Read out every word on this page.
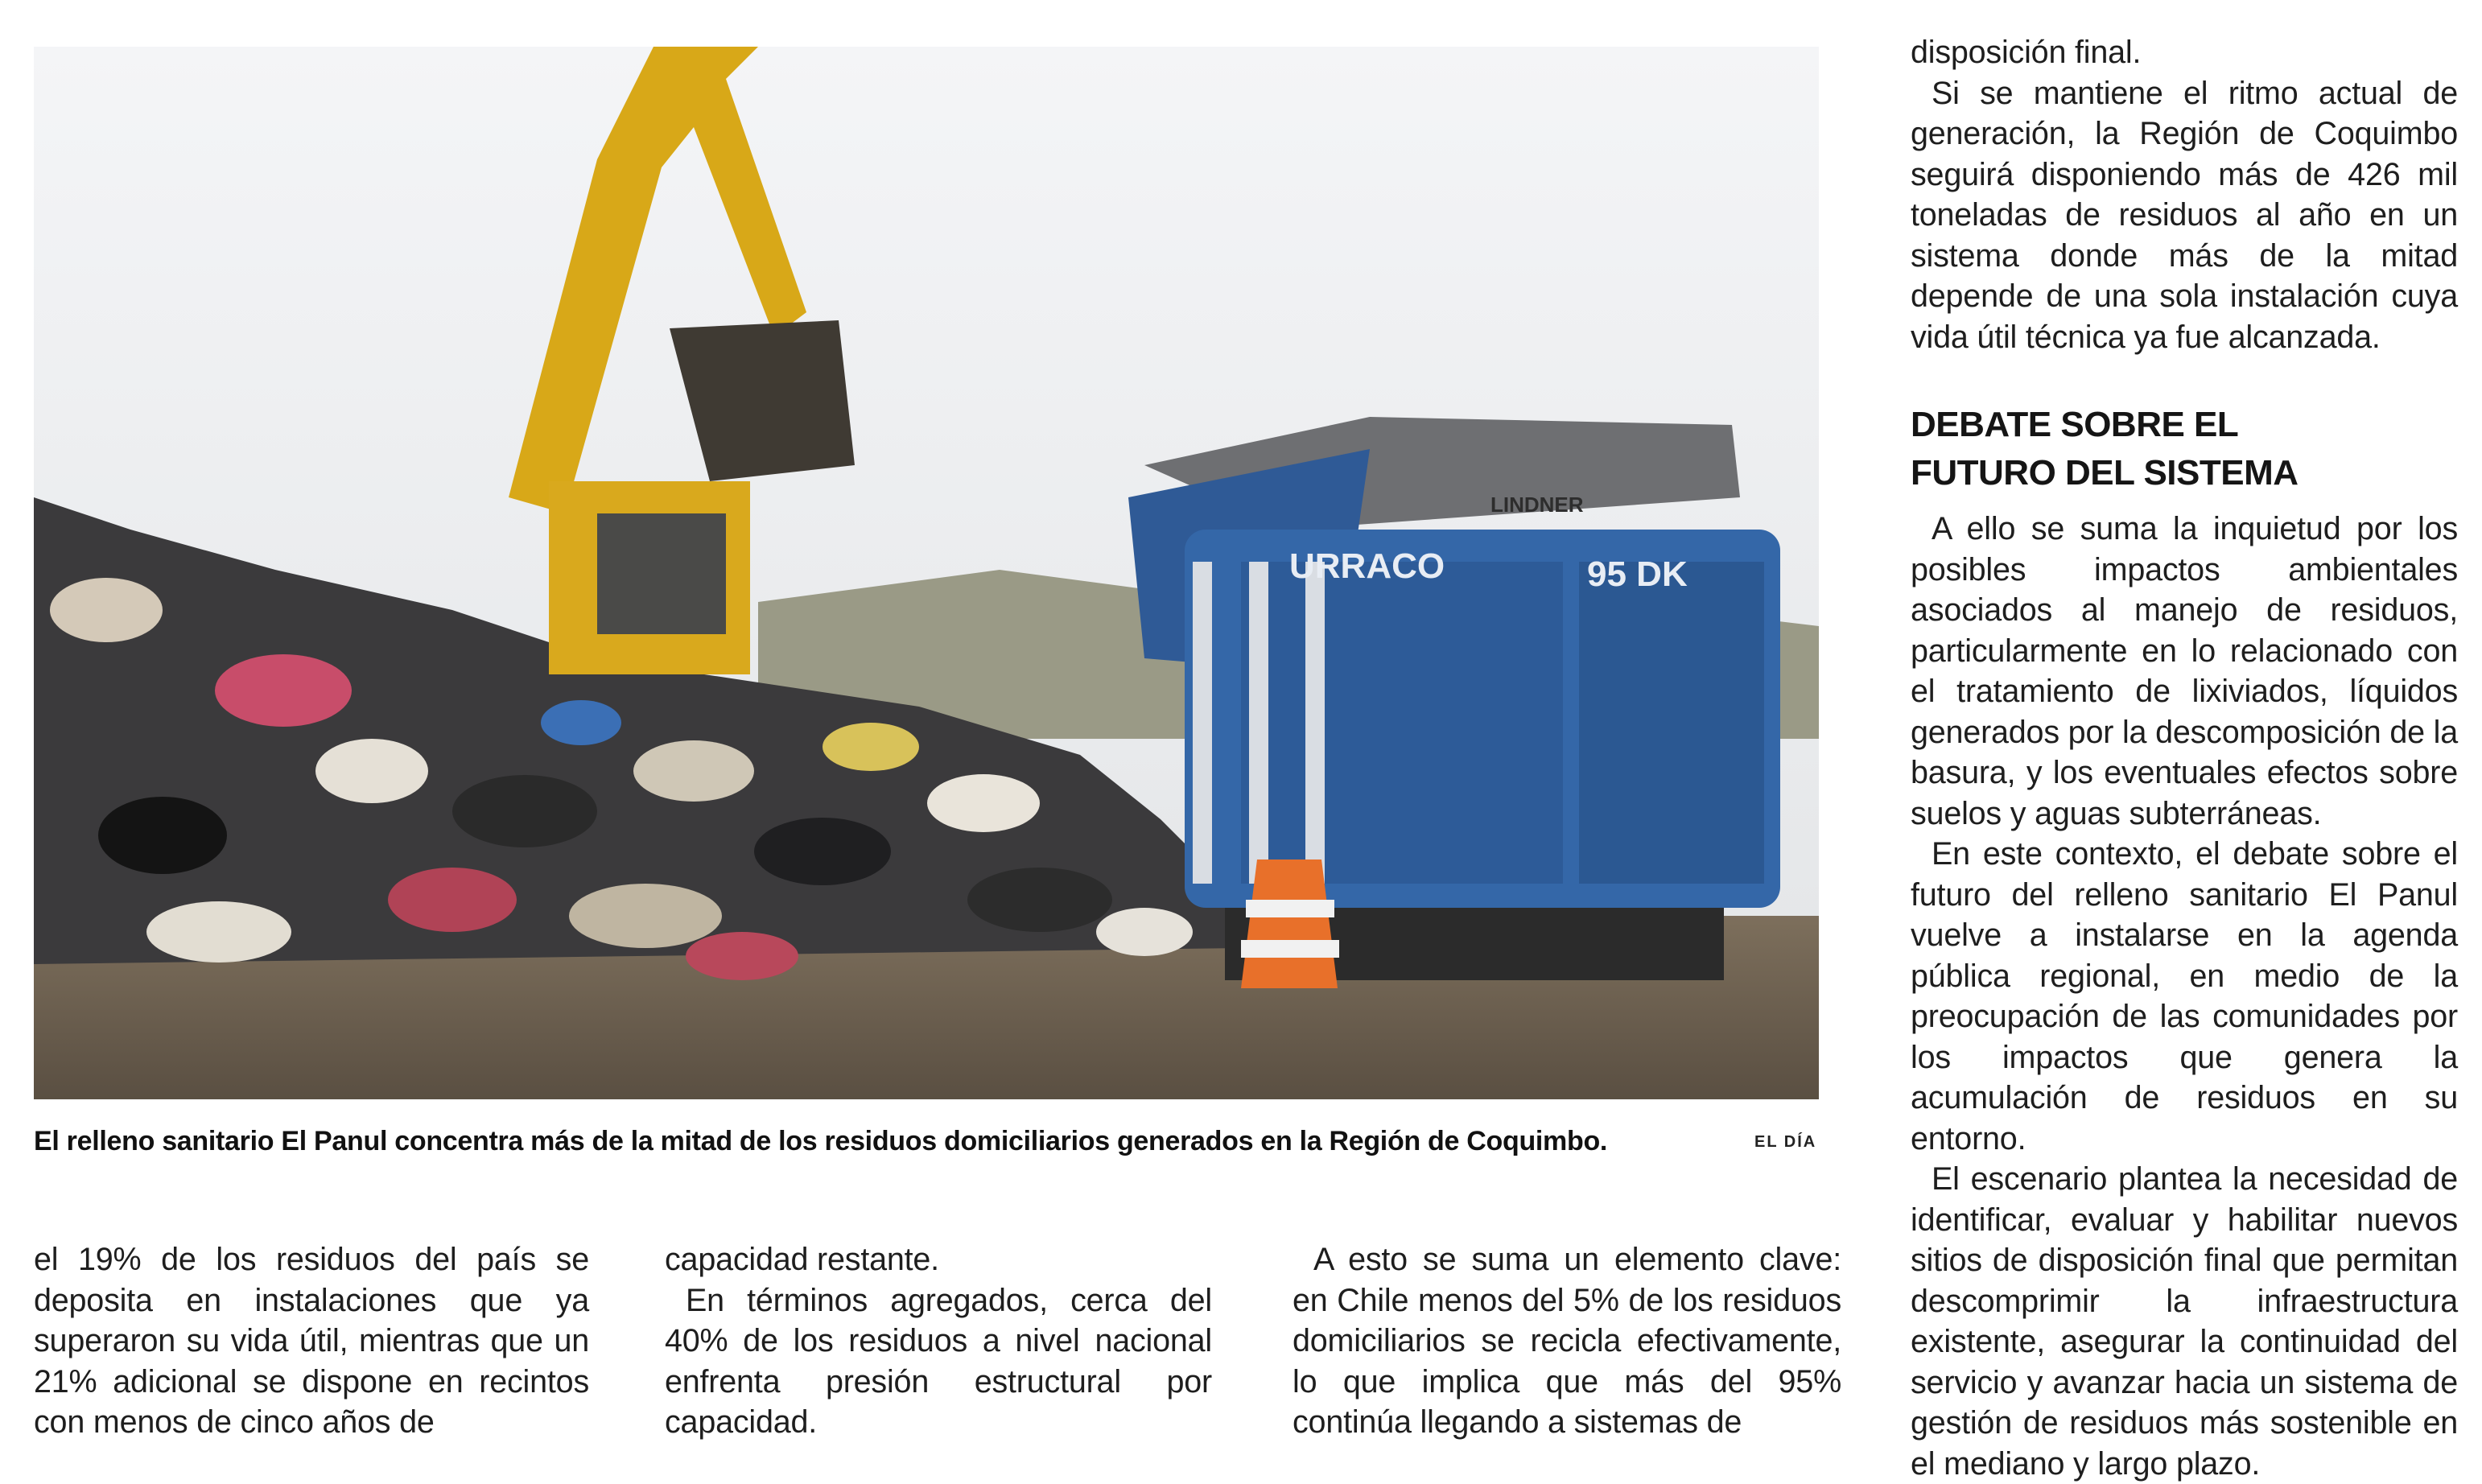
URRACO	95 DK
LINDNER
El relleno sanitario El Panul concentra más de la mitad de los residuos domiciliarios generados en la Región de Coquimbo.	EL DÍA

el 19% de los residuos del país se deposita en instalaciones que ya superaron su vida útil, mientras que un 21% adicional se dispone en recintos con menos de cinco años de

capacidad restante.

En términos agregados, cerca del 40% de los residuos a nivel nacional enfrenta presión estructural por capacidad.

A esto se suma un elemento clave: en Chile menos del 5% de los residuos domiciliarios se recicla efectivamente, lo que implica que más del 95% continúa llegando a sistemas de

disposición final.

Si se mantiene el ritmo actual de generación, la Región de Coquimbo seguirá disponiendo más de 426 mil toneladas de residuos al año en un sistema donde más de la mitad depende de una sola instalación cuya vida útil técnica ya fue alcanzada.

DEBATE SOBRE EL
FUTURO DEL SISTEMA

A ello se suma la inquietud por los posibles impactos ambientales asociados al manejo de residuos, particularmente en lo relacionado con el tratamiento de lixiviados, líquidos generados por la descomposición de la basura, y los eventuales efectos sobre suelos y aguas subterráneas.

En este contexto, el debate sobre el futuro del relleno sanitario El Panul vuelve a instalarse en la agenda pública regional, en medio de la preocupación de las comunidades por los impactos que genera la acumulación de residuos en su entorno.

El escenario plantea la necesidad de identificar, evaluar y habilitar nuevos sitios de disposición final que permitan descomprimir la infraestructura existente, asegurar la continuidad del servicio y avanzar hacia un sistema de gestión de residuos más sostenible en el mediano y largo plazo.
